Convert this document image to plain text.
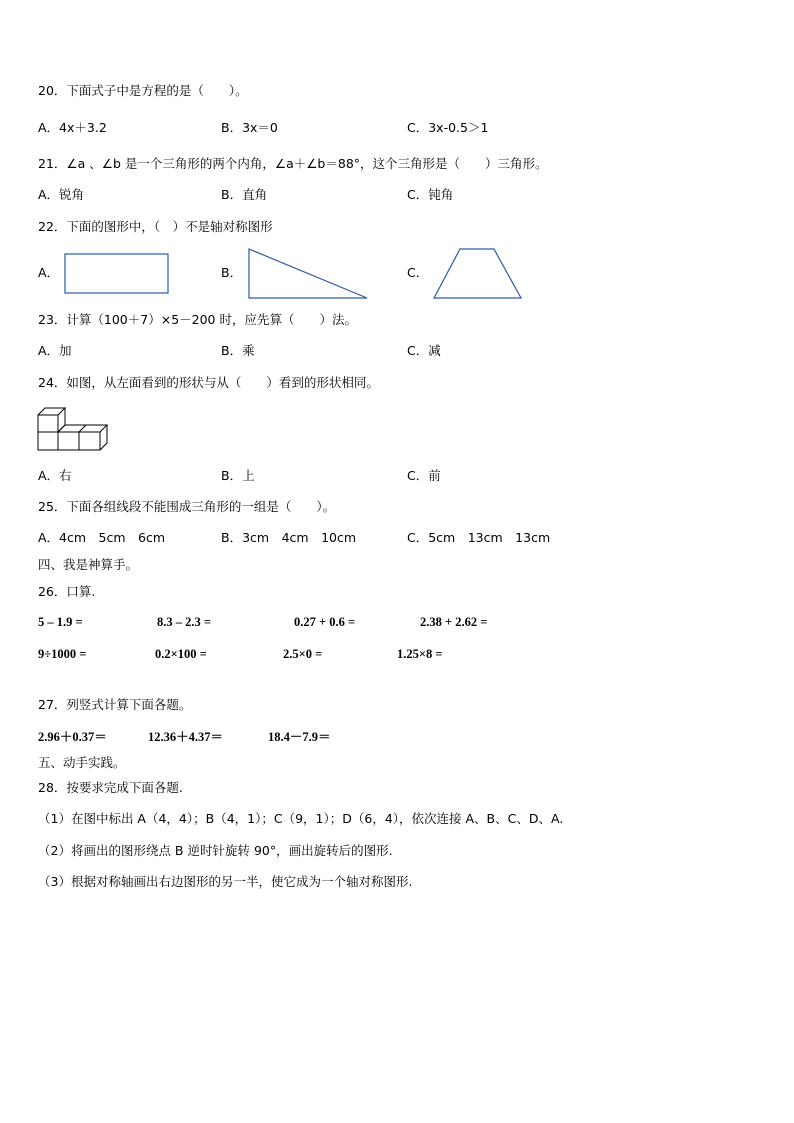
20．下面式子中是方程的是（　　）。
A．4x＋3.2	B．3x＝0	C．3x-0.5＞1
21．∠a 、∠b 是一个三角形的两个内角，∠a＋∠b＝88°，这个三角形是（　　）三角形。
A．锐角	B．直角	C．钝角
22．下面的图形中，（　）不是轴对称图形
A．	B．	C．
23．计算（100＋7）×5－200 时，应先算（　　）法。
A．加	B．乘	C．减
24．如图，从左面看到的形状与从（　　）看到的形状相同。
A．右	B．上	C．前
25．下面各组线段不能围成三角形的一组是（　　）。
A．4cm　5cm　6cm	B．3cm　4cm　10cm	C．5cm　13cm　13cm
四、我是神算手。
26．口算.
5 – 1.9 =	8.3 – 2.3 =	0.27 + 0.6 =	2.38 + 2.62 =
9÷1000 =	0.2×100 =	2.5×0 =	1.25×8 =
27．列竖式计算下面各题。
2.96＋0.37＝	12.36＋4.37＝	18.4－7.9＝
五、动手实践。
28．按要求完成下面各题.
（1）在图中标出 A（4，4）；B（4，1）；C（9，1）；D（6，4），依次连接 A、B、C、D、A.
（2）将画出的图形绕点 B 逆时针旋转 90°，画出旋转后的图形.
（3）根据对称轴画出右边图形的另一半，使它成为一个轴对称图形.
